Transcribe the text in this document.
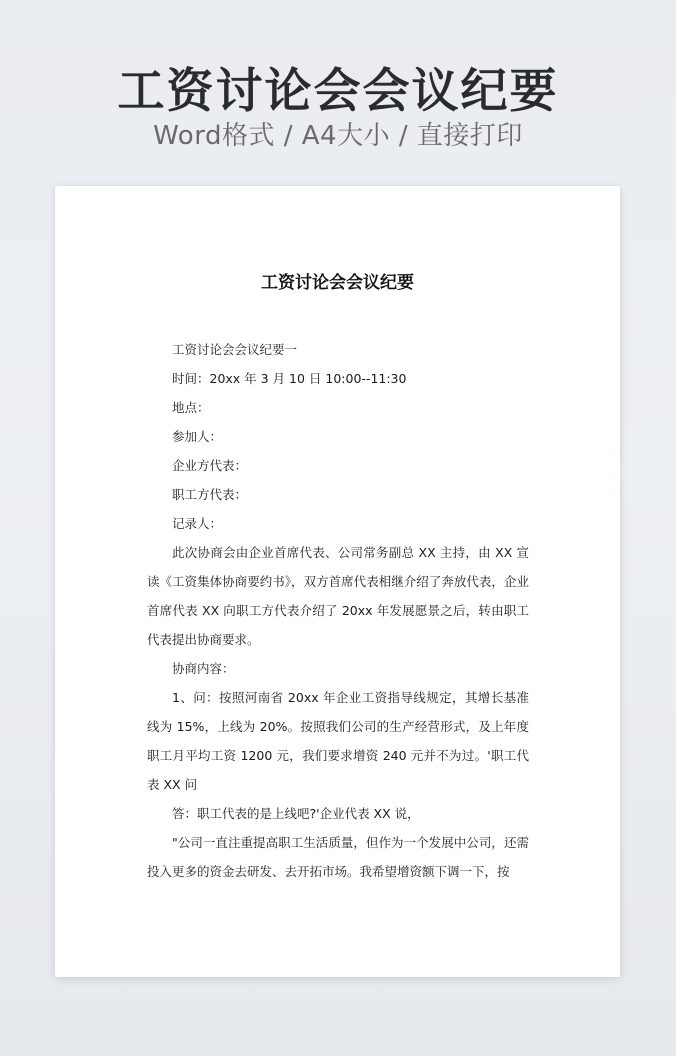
工资讨论会会议纪要
Word格式 / A4大小 / 直接打印
工资讨论会会议纪要

工资讨论会会议纪要一

时间：20xx 年 3 月 10 日 10:00--11:30

地点：

参加人：

企业方代表：

职工方代表：

记录人：

此次协商会由企业首席代表、公司常务副总 XX 主持，由 XX 宣读《工资集体协商要约书》，双方首席代表相继介绍了奔放代表，企业首席代表 XX 向职工方代表介绍了 20xx 年发展愿景之后，转由职工代表提出协商要求。

协商内容：

1、问：按照河南省 20xx 年企业工资指导线规定，其增长基准线为 15%，上线为 20%。按照我们公司的生产经营形式，及上年度职工月平均工资 1200 元，我们要求增资 240 元并不为过。'职工代表 XX 问

答：职工代表的是上线吧?'企业代表 XX 说，

"公司一直注重提高职工生活质量，但作为一个发展中公司，还需投入更多的资金去研发、去开拓市场。我希望增资额下调一下，按
